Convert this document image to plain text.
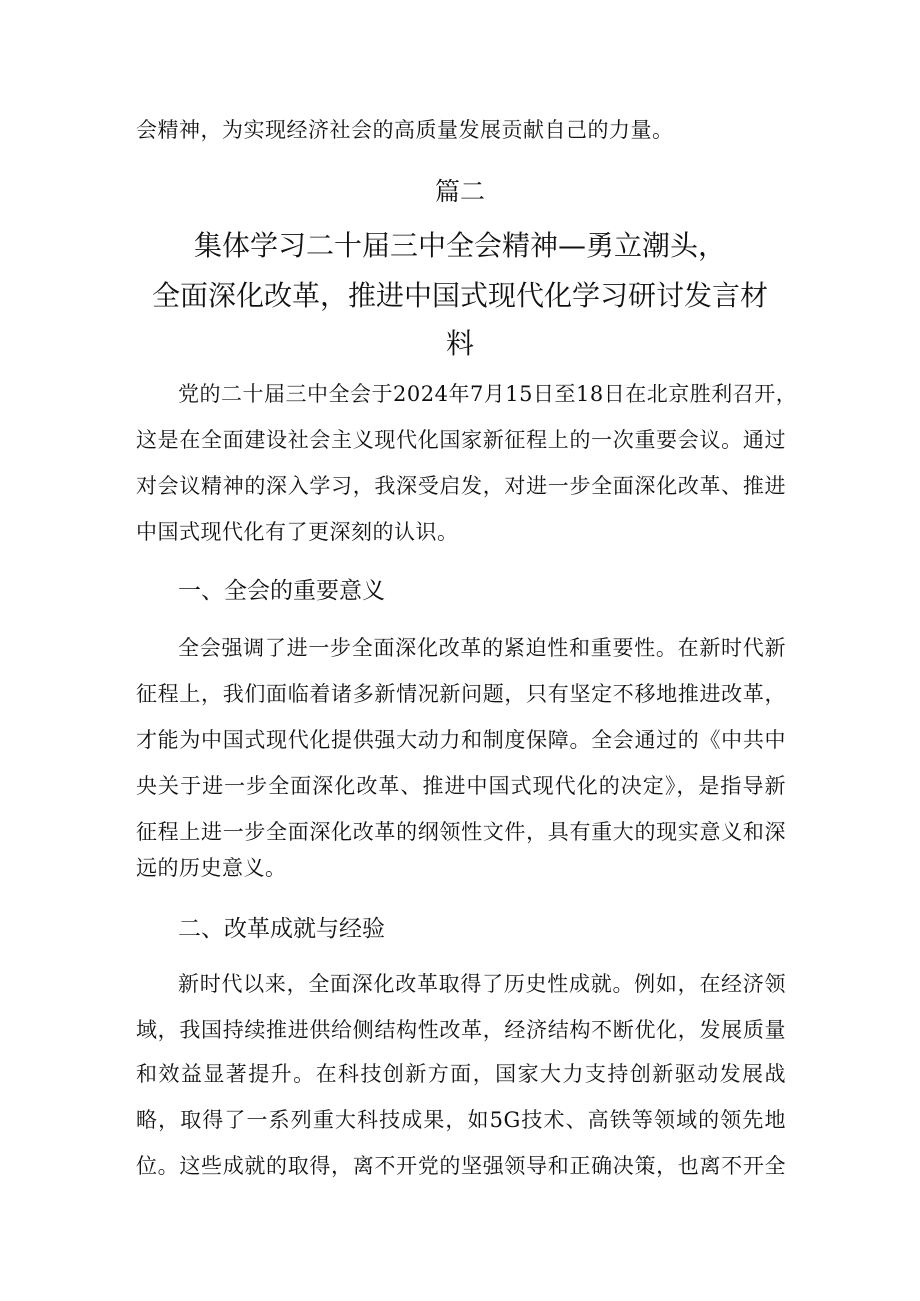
会精神，为实现经济社会的高质量发展贡献自己的力量。
篇二
集体学习二十届三中全会精神—勇立潮头，
全面深化改革，推进中国式现代化学习研讨发言材
料
党的二十届三中全会于2024年7月15日至18日在北京胜利召开，
这是在全面建设社会主义现代化国家新征程上的一次重要会议。通过
对会议精神的深入学习，我深受启发，对进一步全面深化改革、推进
中国式现代化有了更深刻的认识。
一、全会的重要意义
全会强调了进一步全面深化改革的紧迫性和重要性。在新时代新
征程上，我们面临着诸多新情况新问题，只有坚定不移地推进改革，
才能为中国式现代化提供强大动力和制度保障。全会通过的《中共中
央关于进一步全面深化改革、推进中国式现代化的决定》，是指导新
征程上进一步全面深化改革的纲领性文件，具有重大的现实意义和深
远的历史意义。
二、改革成就与经验
新时代以来，全面深化改革取得了历史性成就。例如，在经济领
域，我国持续推进供给侧结构性改革，经济结构不断优化，发展质量
和效益显著提升。在科技创新方面，国家大力支持创新驱动发展战
略，取得了一系列重大科技成果，如5G技术、高铁等领域的领先地
位。这些成就的取得，离不开党的坚强领导和正确决策，也离不开全
